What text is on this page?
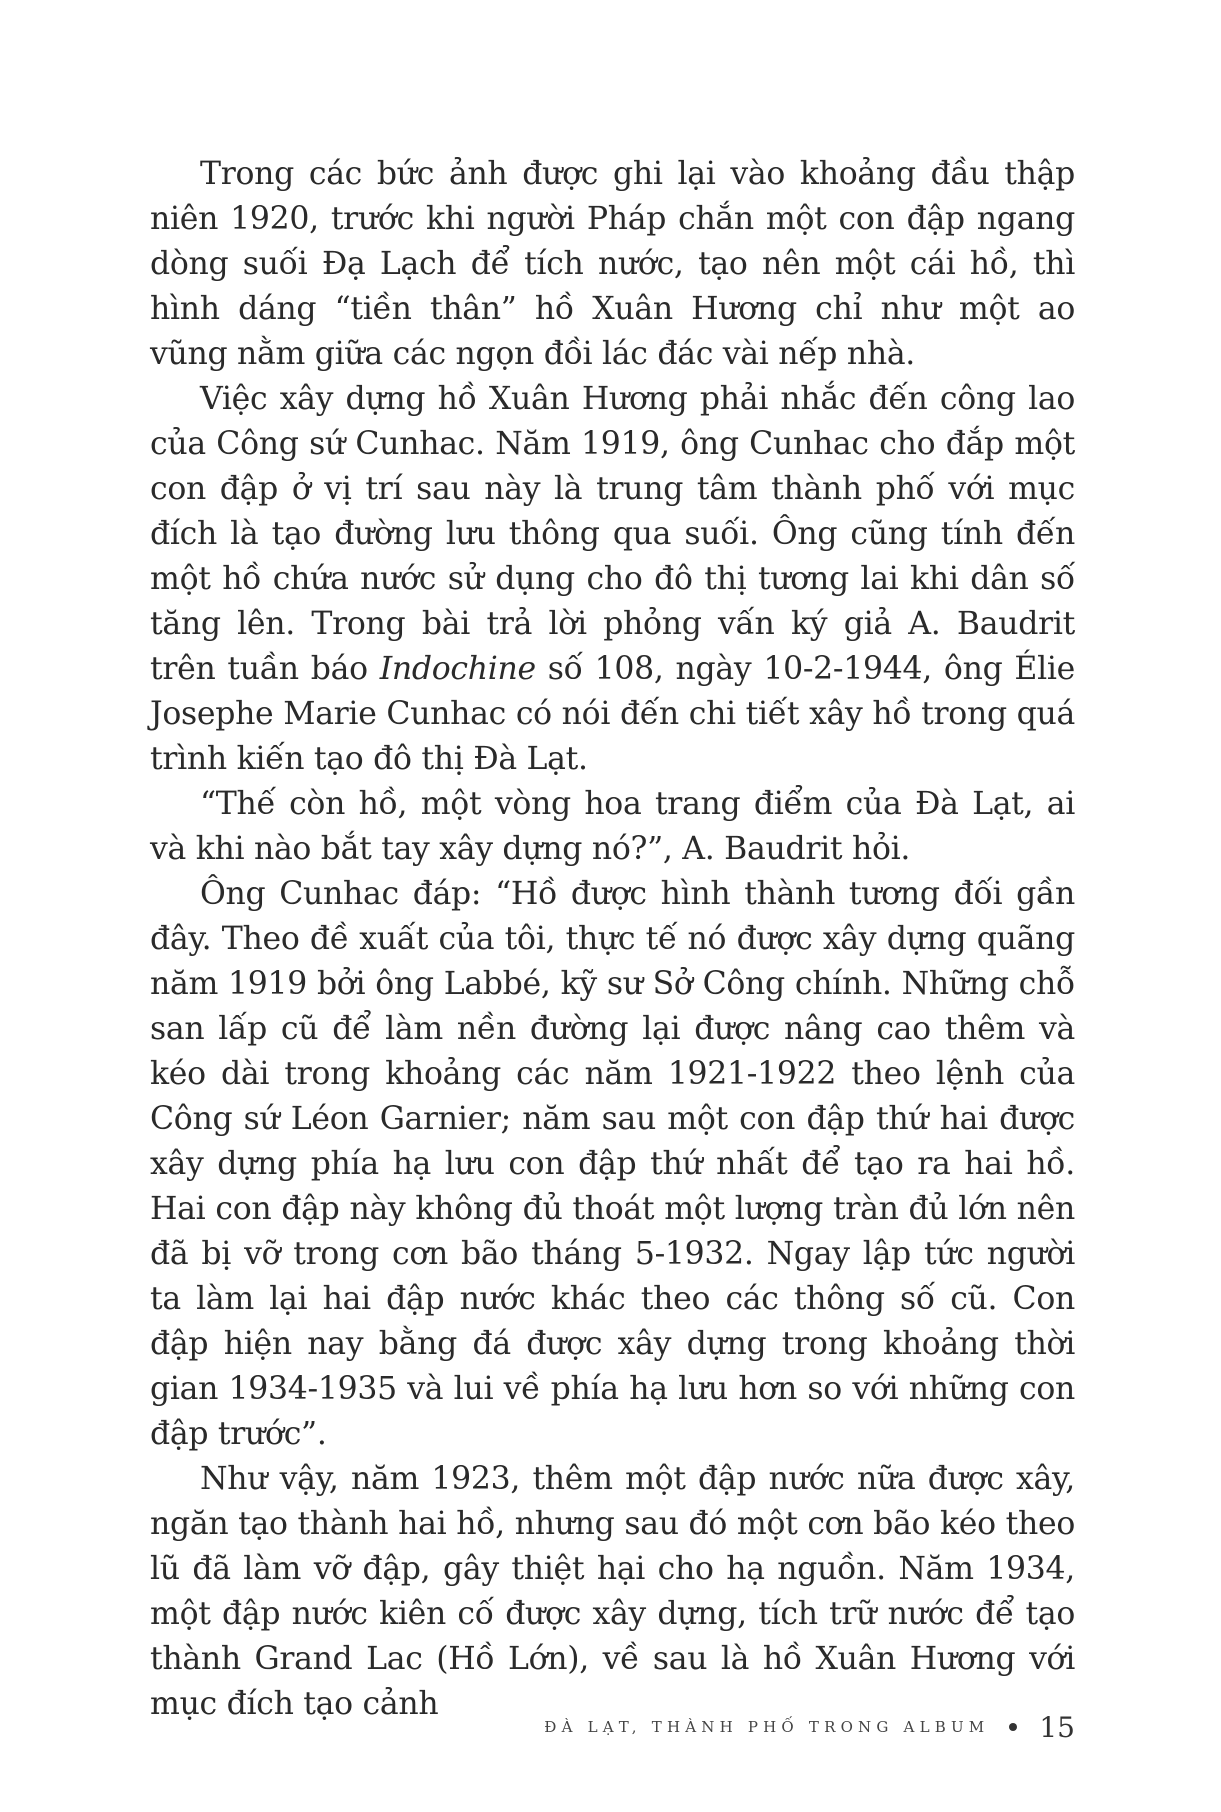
Trong các bức ảnh được ghi lại vào khoảng đầu thập niên 1920, trước khi người Pháp chắn một con đập ngang dòng suối Đạ Lạch để tích nước, tạo nên một cái hồ, thì hình dáng “tiền thân” hồ Xuân Hương chỉ như một ao vũng nằm giữa các ngọn đồi lác đác vài nếp nhà.

Việc xây dựng hồ Xuân Hương phải nhắc đến công lao của Công sứ Cunhac. Năm 1919, ông Cunhac cho đắp một con đập ở vị trí sau này là trung tâm thành phố với mục đích là tạo đường lưu thông qua suối. Ông cũng tính đến một hồ chứa nước sử dụng cho đô thị tương lai khi dân số tăng lên. Trong bài trả lời phỏng vấn ký giả A. Baudrit trên tuần báo Indochine số 108, ngày 10-2-1944, ông Élie Josephe Marie Cunhac có nói đến chi tiết xây hồ trong quá trình kiến tạo đô thị Đà Lạt.

“Thế còn hồ, một vòng hoa trang điểm của Đà Lạt, ai và khi nào bắt tay xây dựng nó?”, A. Baudrit hỏi.

Ông Cunhac đáp: “Hồ được hình thành tương đối gần đây. Theo đề xuất của tôi, thực tế nó được xây dựng quãng năm 1919 bởi ông Labbé, kỹ sư Sở Công chính. Những chỗ san lấp cũ để làm nền đường lại được nâng cao thêm và kéo dài trong khoảng các năm 1921-1922 theo lệnh của Công sứ Léon Garnier; năm sau một con đập thứ hai được xây dựng phía hạ lưu con đập thứ nhất để tạo ra hai hồ. Hai con đập này không đủ thoát một lượng tràn đủ lớn nên đã bị vỡ trong cơn bão tháng 5-1932. Ngay lập tức người ta làm lại hai đập nước khác theo các thông số cũ. Con đập hiện nay bằng đá được xây dựng trong khoảng thời gian 1934-1935 và lui về phía hạ lưu hơn so với những con đập trước”.

Như vậy, năm 1923, thêm một đập nước nữa được xây, ngăn tạo thành hai hồ, nhưng sau đó một cơn bão kéo theo lũ đã làm vỡ đập, gây thiệt hại cho hạ nguồn. Năm 1934, một đập nước kiên cố được xây dựng, tích trữ nước để tạo thành Grand Lac (Hồ Lớn), về sau là hồ Xuân Hương với mục đích tạo cảnh

ĐÀ LẠT, THÀNH PHỐ TRONG ALBUM 15
